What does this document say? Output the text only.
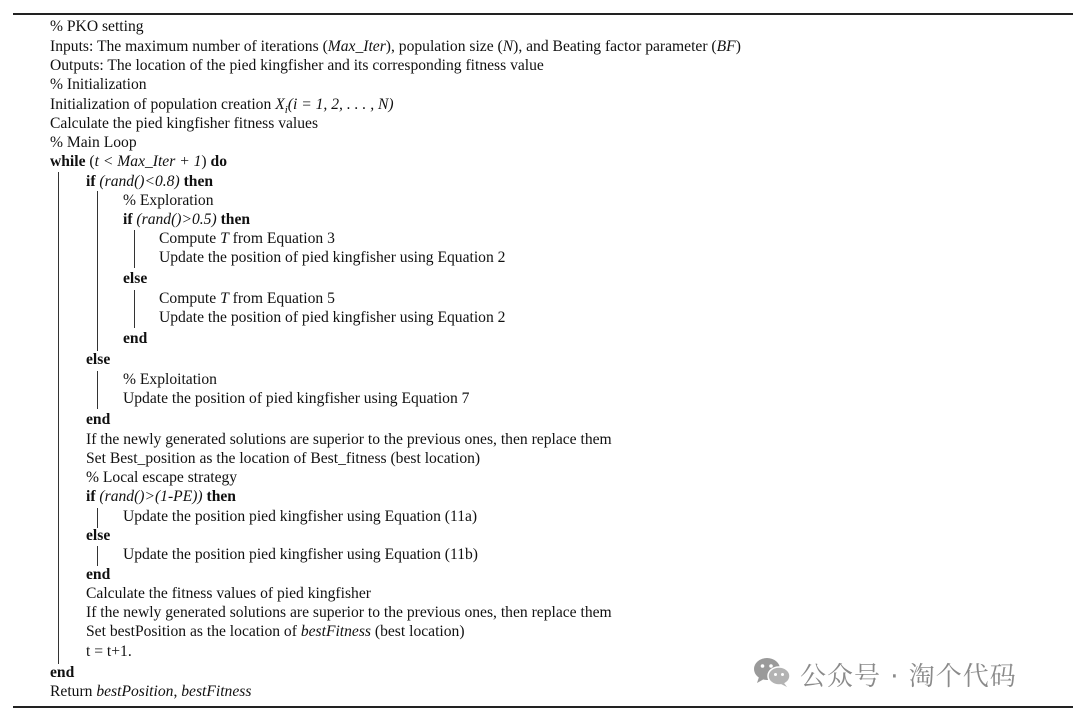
% PKO setting
Inputs: The maximum number of iterations (Max_Iter), population size (N), and Beating factor parameter (BF)
Outputs: The location of the pied kingfisher and its corresponding fitness value
% Initialization
Initialization of population creation $X_i(i = 1$, 2, . . . , N)
Calculate the pied kingfisher fitness values
% Main Loop
while (t < Max_Iter + 1) do
if (rand()<0.8) then
% Exploration
if (rand()>0.5) then
Compute T from Equation 3
Update the position of pied kingfisher using Equation 2
else
Compute T from Equation 5
Update the position of pied kingfisher using Equation 2
end
else
% Exploitation
Update the position of pied kingfisher using Equation 7
end
If the newly generated solutions are superior to the previous ones, then replace them
Set Best_position as the location of Best_fitness (best location)
% Local escape strategy
if (rand()>(1-PE)) then
Update the position pied kingfisher using Equation (11a)
else
Update the position pied kingfisher using Equation (11b)
end
Calculate the fitness values of pied kingfisher
If the newly generated solutions are superior to the previous ones, then replace them
Set bestPosition as the location of bestFitness (best location)
t = t+1.
end
Return bestPosition, bestFitness	公众号 · 淘个代码
